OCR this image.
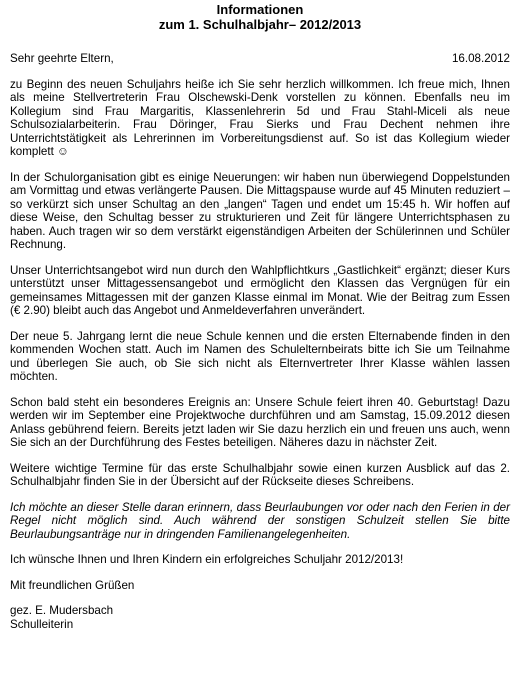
Informationen
zum 1. Schulhalbjahr– 2012/2013
Sehr geehrte Eltern,	16.08.2012

zu Beginn des neuen Schuljahrs heiße ich Sie sehr herzlich willkommen. Ich freue mich, Ihnen als meine Stellvertreterin Frau Olschewski-Denk vorstellen zu können. Ebenfalls neu im Kollegium sind Frau Margaritis, Klassenlehrerin 5d und Frau Stahl-Miceli als neue Schulsozialarbeiterin. Frau Döringer, Frau Sierks und Frau Dechent nehmen ihre Unterrichtstätigkeit als Lehrerinnen im Vorbereitungsdienst auf. So ist das Kollegium wieder komplett ☺

In der Schulorganisation gibt es einige Neuerungen: wir haben nun überwiegend Doppelstunden am Vormittag und etwas verlängerte Pausen. Die Mittagspause wurde auf 45 Minuten reduziert – so verkürzt sich unser Schultag an den „langen“ Tagen und endet um 15:45 h. Wir hoffen auf diese Weise, den Schultag besser zu strukturieren und Zeit für längere Unterrichtsphasen zu haben. Auch tragen wir so dem verstärkt eigenständigen Arbeiten der Schülerinnen und Schüler Rechnung.

Unser Unterrichtsangebot wird nun durch den Wahlpflichtkurs „Gastlichkeit“ ergänzt; dieser Kurs unterstützt unser Mittagessensangebot und ermöglicht den Klassen das Vergnügen für ein gemeinsames Mittagessen mit der ganzen Klasse einmal im Monat. Wie der Beitrag zum Essen (€ 2.90) bleibt auch das Angebot und Anmeldeverfahren unverändert.

Der neue 5. Jahrgang lernt die neue Schule kennen und die ersten Elternabende finden in den kommenden Wochen statt. Auch im Namen des Schulelternbeirats bitte ich Sie um Teilnahme und überlegen Sie auch, ob Sie sich nicht als Elternvertreter Ihrer Klasse wählen lassen möchten.

Schon bald steht ein besonderes Ereignis an: Unsere Schule feiert ihren 40. Geburtstag! Dazu werden wir im September eine Projektwoche durchführen und am Samstag, 15.09.2012 diesen Anlass gebührend feiern. Bereits jetzt laden wir Sie dazu herzlich ein und freuen uns auch, wenn Sie sich an der Durchführung des Festes beteiligen. Näheres dazu in nächster Zeit.

Weitere wichtige Termine für das erste Schulhalbjahr sowie einen kurzen Ausblick auf das 2. Schulhalbjahr finden Sie in der Übersicht auf der Rückseite dieses Schreibens.

Ich möchte an dieser Stelle daran erinnern, dass Beurlaubungen vor oder nach den Ferien in der Regel nicht möglich sind. Auch während der sonstigen Schulzeit stellen Sie bitte Beurlaubungsanträge nur in dringenden Familienangelegenheiten.

Ich wünsche Ihnen und Ihren Kindern ein erfolgreiches Schuljahr 2012/2013!

Mit freundlichen Grüßen

gez. E. Mudersbach
Schulleiterin
